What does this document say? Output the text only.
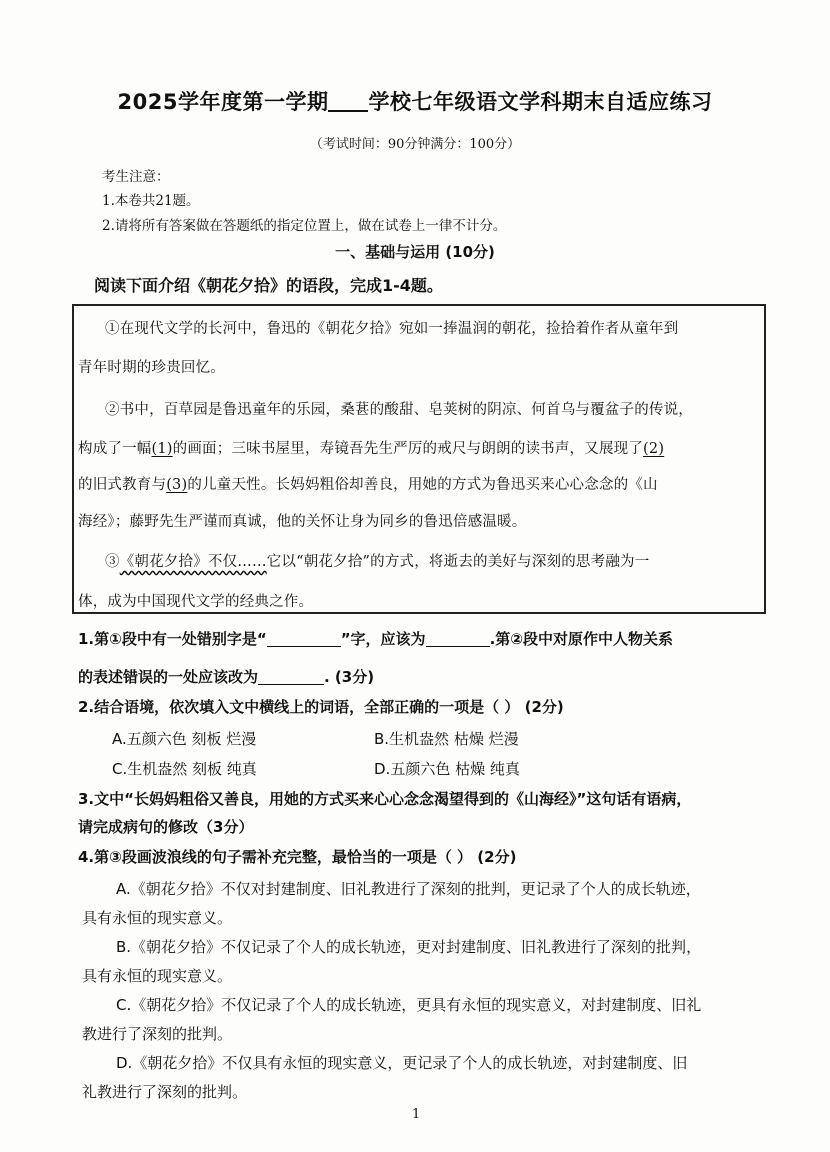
2025学年度第一学期 学校七年级语文学科期末自适应练习
（考试时间：90分钟满分：100分）
考生注意：
1.本卷共21题。
2.请将所有答案做在答题纸的指定位置上，做在试卷上一律不计分。
一、基础与运用 (10分)
阅读下面介绍《朝花夕拾》的语段，完成1-4题。
①在现代文学的长河中，鲁迅的《朝花夕拾》宛如一捧温润的朝花，捡拾着作者从童年到
青年时期的珍贵回忆。
②书中，百草园是鲁迅童年的乐园，桑葚的酸甜、皂荚树的阴凉、何首乌与覆盆子的传说，
构成了一幅(1)的画面；三味书屋里，寿镜吾先生严厉的戒尺与朗朗的读书声，又展现了(2)
的旧式教育与(3)的儿童天性。长妈妈粗俗却善良，用她的方式为鲁迅买来心心念念的《山
海经》；藤野先生严谨而真诚，他的关怀让身为同乡的鲁迅倍感温暖。
③《朝花夕拾》不仅……它以“朝花夕拾”的方式，将逝去的美好与深刻的思考融为一
体，成为中国现代文学的经典之作。
1.第①段中有一处错别字是“	”字，应该为	.第②段中对原作中人物关系
的表述错误的一处应该改为	. (3分)
2.结合语境，依次填入文中横线上的词语，全部正确的一项是（ ） (2分)
A.五颜六色 刻板 烂漫	B.生机盎然 枯燥 烂漫
C.生机盎然 刻板 纯真	D.五颜六色 枯燥 纯真
3.文中“长妈妈粗俗又善良，用她的方式买来心心念念渴望得到的《山海经》”这句话有语病，
请完成病句的修改（3分）
4.第③段画波浪线的句子需补充完整，最恰当的一项是（ ） (2分)
A.《朝花夕拾》不仅对封建制度、旧礼教进行了深刻的批判，更记录了个人的成长轨迹，
具有永恒的现实意义。
B.《朝花夕拾》不仅记录了个人的成长轨迹，更对封建制度、旧礼教进行了深刻的批判，
具有永恒的现实意义。
C.《朝花夕拾》不仅记录了个人的成长轨迹，更具有永恒的现实意义，对封建制度、旧礼
教进行了深刻的批判。
D.《朝花夕拾》不仅具有永恒的现实意义，更记录了个人的成长轨迹，对封建制度、旧
礼教进行了深刻的批判。
1
